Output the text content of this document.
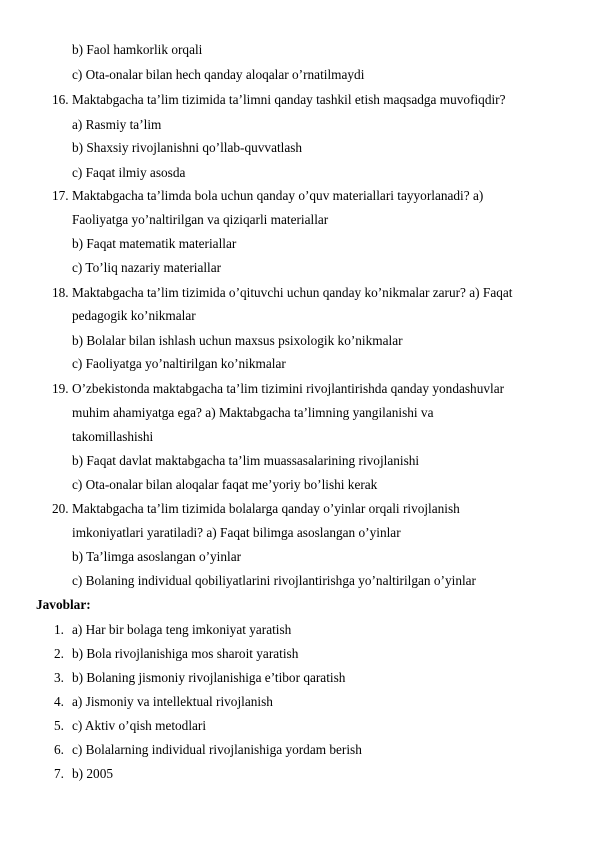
b) Faol hamkorlik orqali
c) Ota-onalar bilan hech qanday aloqalar o’rnatilmaydi
16. Maktabgacha ta’lim tizimida ta’limni qanday tashkil etish maqsadga muvofiqdir?
a) Rasmiy ta’lim
b) Shaxsiy rivojlanishni qo’llab-quvvatlash
c) Faqat ilmiy asosda
17. Maktabgacha ta’limda bola uchun qanday o’quv materiallari tayyorlanadi? a)
Faoliyatga yo’naltirilgan va qiziqarli materiallar
b) Faqat matematik materiallar
c) To’liq nazariy materiallar
18. Maktabgacha ta’lim tizimida o’qituvchi uchun qanday ko’nikmalar zarur? a) Faqat
pedagogik ko’nikmalar
b) Bolalar bilan ishlash uchun maxsus psixologik ko’nikmalar
c) Faoliyatga yo’naltirilgan ko’nikmalar
19. O’zbekistonda maktabgacha ta’lim tizimini rivojlantirishda qanday yondashuvlar
muhim ahamiyatga ega? a) Maktabgacha ta’limning yangilanishi va
takomillashishi
b) Faqat davlat maktabgacha ta’lim muassasalarining rivojlanishi
c) Ota-onalar bilan aloqalar faqat me’yoriy bo’lishi kerak
20. Maktabgacha ta’lim tizimida bolalarga qanday o’yinlar orqali rivojlanish
imkoniyatlari yaratiladi? a) Faqat bilimga asoslangan o’yinlar
b) Ta’limga asoslangan o’yinlar
c) Bolaning individual qobiliyatlarini rivojlantirishga yo’naltirilgan o’yinlar
Javoblar:
1. a) Har bir bolaga teng imkoniyat yaratish
2. b) Bola rivojlanishiga mos sharoit yaratish
3. b) Bolaning jismoniy rivojlanishiga e’tibor qaratish
4. a) Jismoniy va intellektual rivojlanish
5. c) Aktiv o’qish metodlari
6. c) Bolalarning individual rivojlanishiga yordam berish
7. b) 2005
